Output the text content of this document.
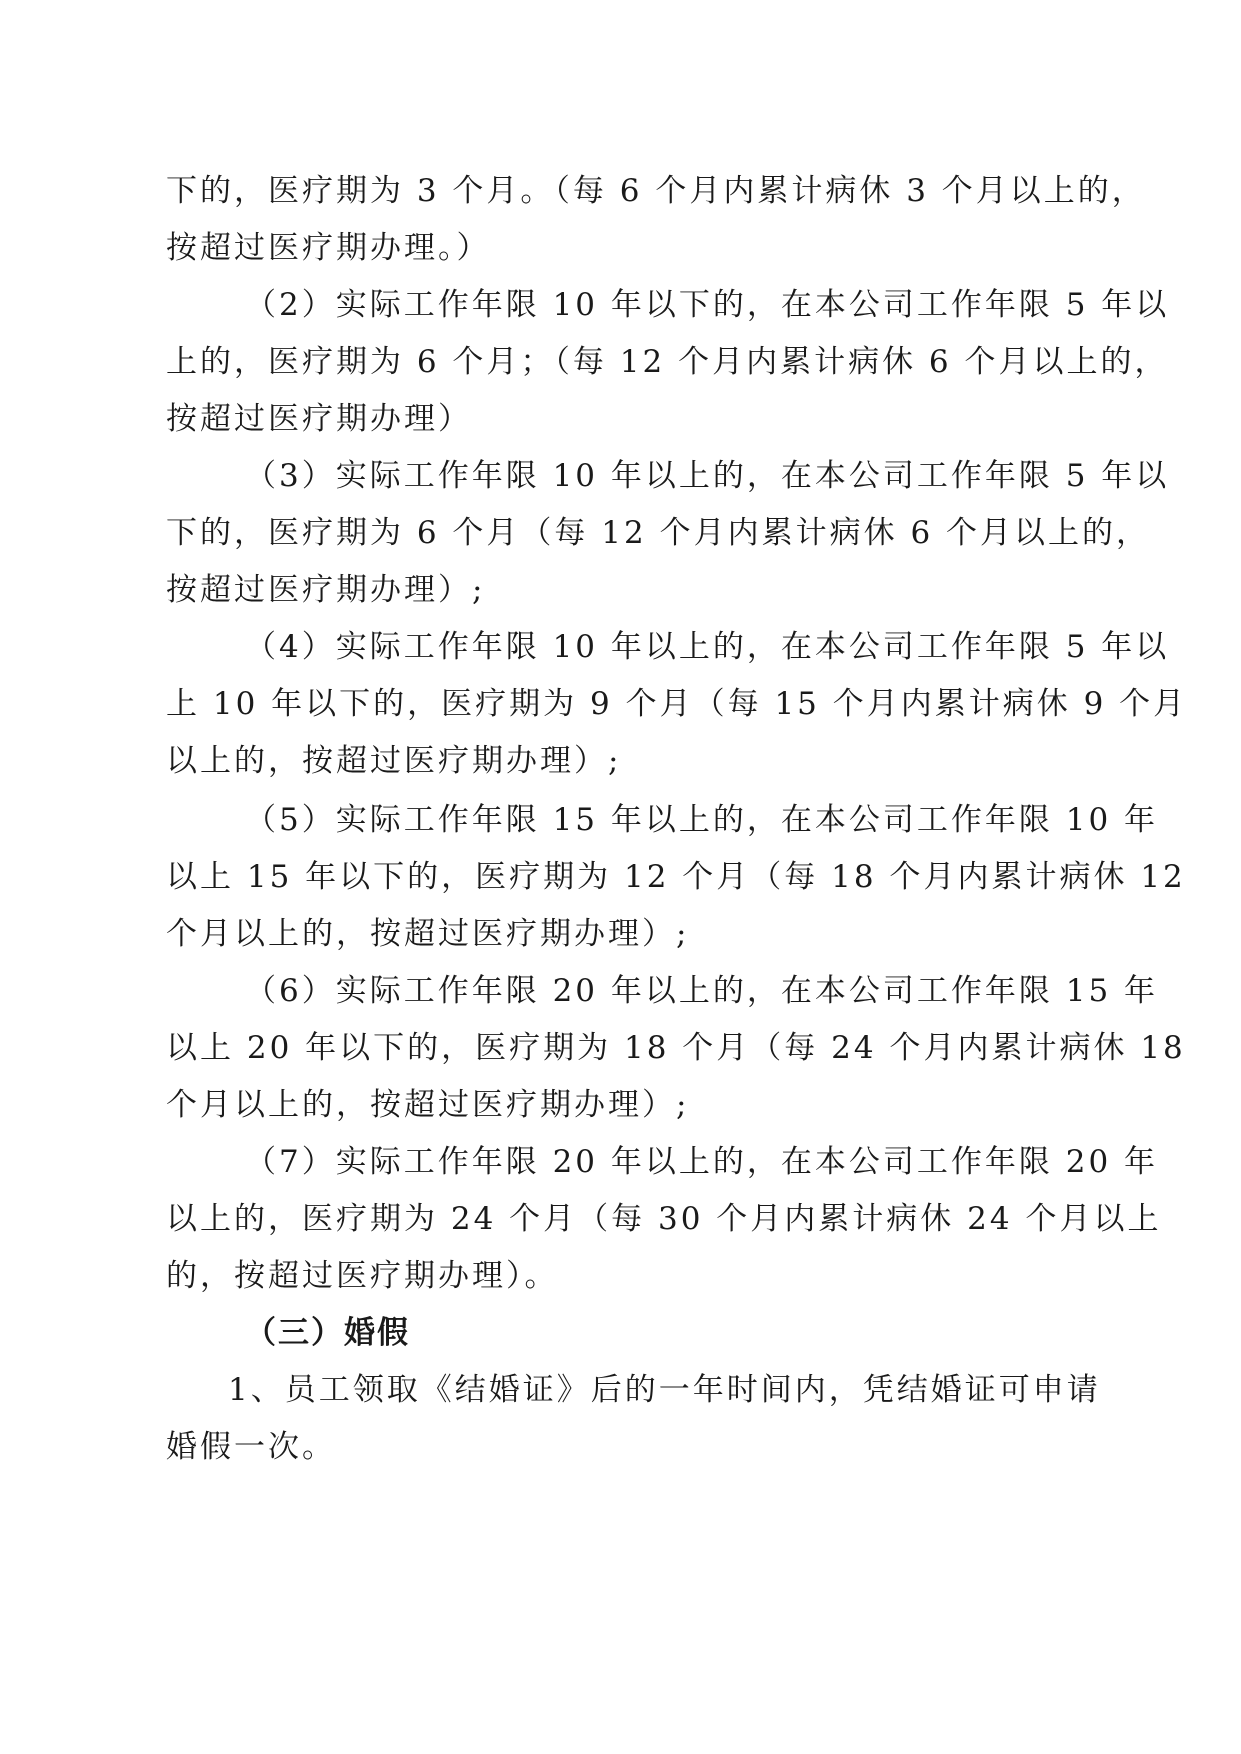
下的，医疗期为 3 个月。（每 6 个月内累计病休 3 个月以上的，
按超过医疗期办理。）
（2）实际工作年限 10 年以下的，在本公司工作年限 5 年以
上的，医疗期为 6 个月；（每 12 个月内累计病休 6 个月以上的，
按超过医疗期办理）
（3）实际工作年限 10 年以上的，在本公司工作年限 5 年以
下的，医疗期为 6 个月（每 12 个月内累计病休 6 个月以上的，
按超过医疗期办理）;
（4）实际工作年限 10 年以上的，在本公司工作年限 5 年以
上 10 年以下的，医疗期为 9 个月（每 15 个月内累计病休 9 个月
以上的，按超过医疗期办理）;
（5）实际工作年限 15 年以上的，在本公司工作年限 10 年
以上 15 年以下的，医疗期为 12 个月（每 18 个月内累计病休 12
个月以上的，按超过医疗期办理）;
（6）实际工作年限 20 年以上的，在本公司工作年限 15 年
以上 20 年以下的，医疗期为 18 个月（每 24 个月内累计病休 18
个月以上的，按超过医疗期办理）;
（7）实际工作年限 20 年以上的，在本公司工作年限 20 年
以上的，医疗期为 24 个月（每 30 个月内累计病休 24 个月以上
的，按超过医疗期办理）。
（三）婚假
1、员工领取《结婚证》后的一年时间内，凭结婚证可申请
婚假一次。
